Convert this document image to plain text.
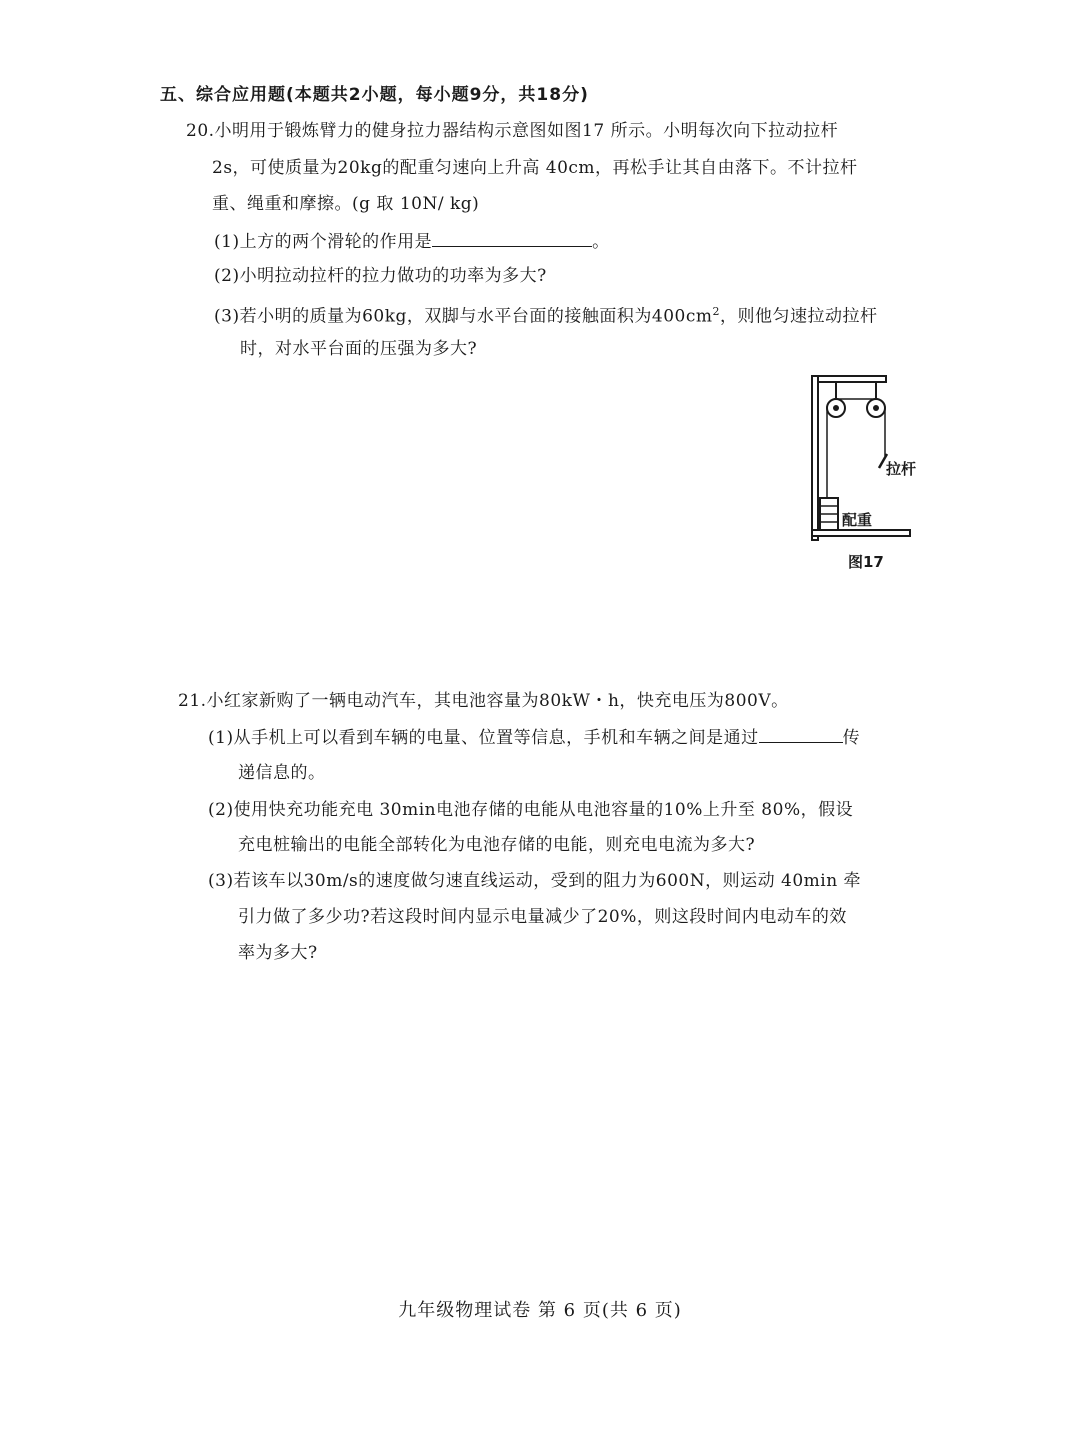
五、综合应用题(本题共2小题，每小题9分，共18分)
20.小明用于锻炼臂力的健身拉力器结构示意图如图17 所示。小明每次向下拉动拉杆
2s，可使质量为20kg的配重匀速向上升高 40cm，再松手让其自由落下。不计拉杆
重、绳重和摩擦。(g 取 10N/ kg)
(1)上方的两个滑轮的作用是	。
(2)小明拉动拉杆的拉力做功的功率为多大?
(3)若小明的质量为60kg，双脚与水平台面的接触面积为$400cm^2$，则他匀速拉动拉杆
时，对水平台面的压强为多大?
拉杆
配重
图17
21.小红家新购了一辆电动汽车，其电池容量为80kW・h，快充电压为800V。
(1)从手机上可以看到车辆的电量、位置等信息，手机和车辆之间是通过	传
递信息的。
(2)使用快充功能充电 30min电池存储的电能从电池容量的10%上升至 80%，假设
充电桩输出的电能全部转化为电池存储的电能，则充电电流为多大?
(3)若该车以30m/s的速度做匀速直线运动，受到的阻力为600N，则运动 40min 牵
引力做了多少功?若这段时间内显示电量减少了20%，则这段时间内电动车的效
率为多大?
九年级物理试卷 第 6 页(共 6 页)
